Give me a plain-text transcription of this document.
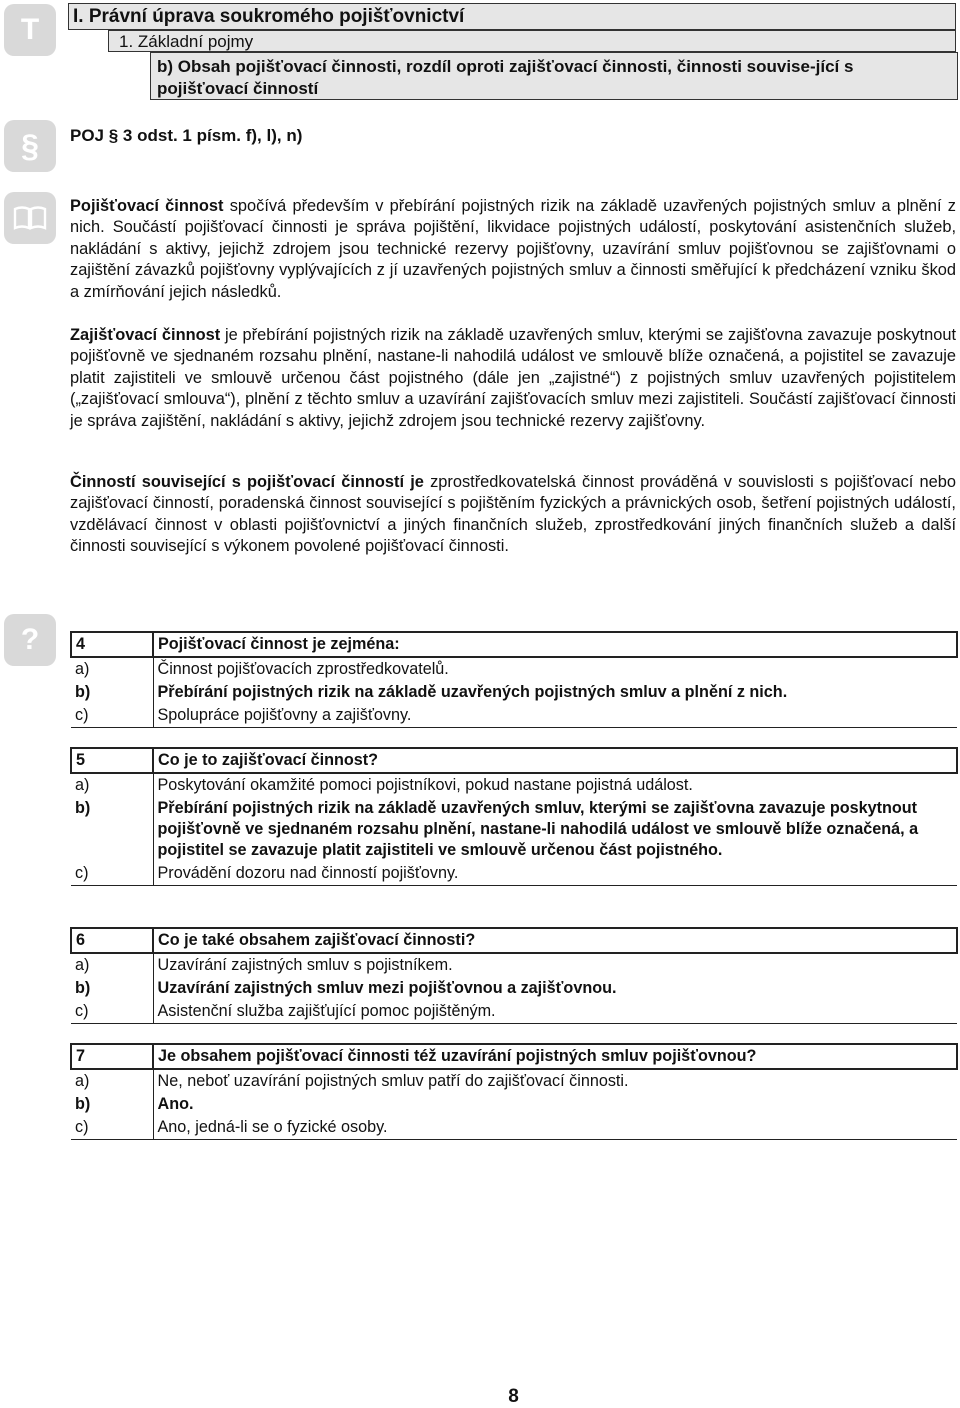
T
§
?
I. Právní úprava soukromého pojišťovnictví
1. Základní pojmy
b) Obsah pojišťovací činnosti, rozdíl oproti zajišťovací činnosti, činnosti souvise-jící s pojišťovací činností
POJ § 3 odst. 1 písm. f), l), n)

Pojišťovací činnost spočívá především v přebírání pojistných rizik na základě uzavřených pojistných smluv a plnění z nich. Součástí pojišťovací činnosti je správa pojištění, likvidace pojistných událostí, poskytování asistenčních služeb, nakládání s aktivy, jejichž zdrojem jsou technické rezervy pojišťovny, uzavírání smluv pojišťovnou se zajišťovnami o zajištění závazků pojišťovny vyplývajících z jí uzavřených pojistných smluv a činnosti směřující k předcházení vzniku škod a zmírňování jejich následků.

Zajišťovací činnost je přebírání pojistných rizik na základě uzavřených smluv, kterými se zajišťovna zavazuje poskytnout pojišťovně ve sjednaném rozsahu plnění, nastane-li nahodilá událost ve smlouvě blíže označená, a pojistitel se zavazuje platit zajistiteli ve smlouvě určenou část pojistného (dále jen „zajistné“) z pojistných smluv uzavřených pojistitelem („zajišťovací smlouva“), plnění z těchto smluv a uzavírání zajišťovacích smluv mezi zajistiteli. Součástí zajišťovací činnosti je správa zajištění, nakládání s aktivy, jejichž zdrojem jsou technické rezervy zajišťovny.

Činností související s pojišťovací činností je zprostředkovatelská činnost prováděná v souvislosti s pojišťovací nebo zajišťovací činností, poradenská činnost související s pojištěním fyzických a právnických osob, šetření pojistných událostí, vzdělávací činnost v oblasti pojišťovnictví a jiných finančních služeb, zprostředkování jiných finančních služeb a další činnosti související s výkonem povolené pojišťovací činnosti.

4	Pojišťovací činnost je zejména:
a)	Činnost pojišťovacích zprostředkovatelů.
b)	Přebírání pojistných rizik na základě uzavřených pojistných smluv a plnění z nich.
c)	Spolupráce pojišťovny a zajišťovny.
5	Co je to zajišťovací činnost?
a)	Poskytování okamžité pomoci pojistníkovi, pokud nastane pojistná událost.
b)	Přebírání pojistných rizik na základě uzavřených smluv, kterými se zajišťovna zavazuje poskytnout pojišťovně ve sjednaném rozsahu plnění, nastane-li nahodilá událost ve smlouvě blíže označená, a pojistitel se zavazuje platit zajistiteli ve smlouvě určenou část pojistného.
c)	Provádění dozoru nad činností pojišťovny.
6	Co je také obsahem zajišťovací činnosti?
a)	Uzavírání zajistných smluv s pojistníkem.
b)	Uzavírání zajistných smluv mezi pojišťovnou a zajišťovnou.
c)	Asistenční služba zajišťující pomoc pojištěným.
7	Je obsahem pojišťovací činnosti též uzavírání pojistných smluv pojišťovnou?
a)	Ne, neboť uzavírání pojistných smluv patří do zajišťovací činnosti.
b)	Ano.
c)	Ano, jedná-li se o fyzické osoby.
8
